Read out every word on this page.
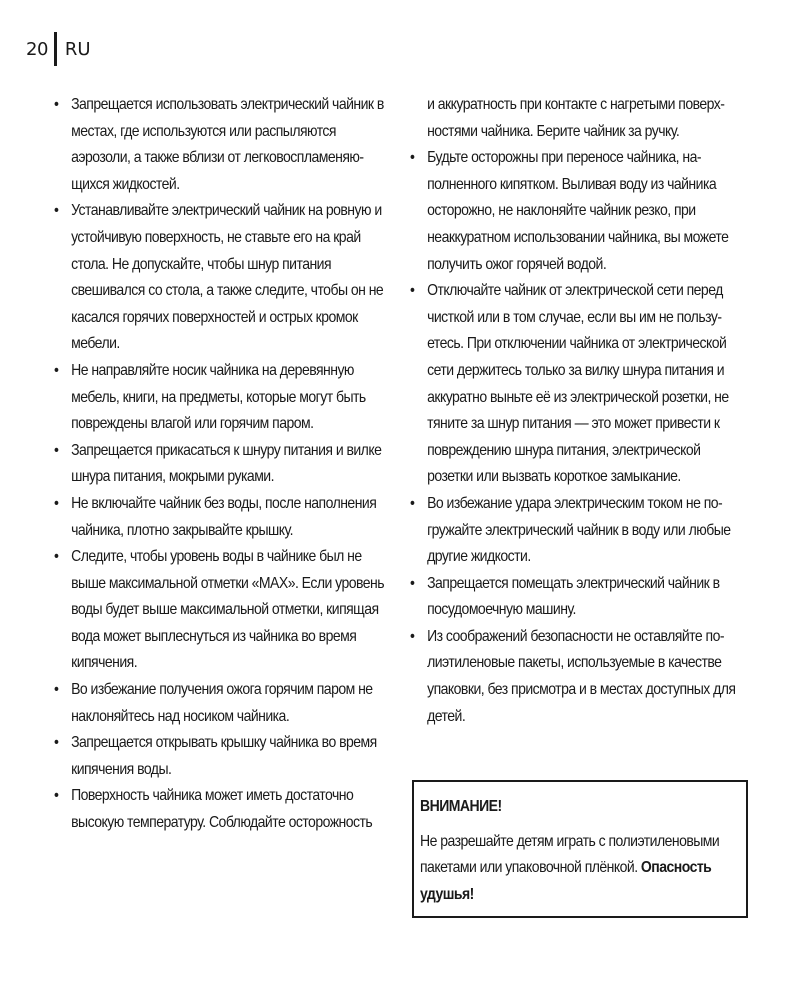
20 RU
• Запрещается использовать электрический чайник в местах, где используются или распыляются аэрозоли, а также вблизи от легковоспламеняю-щихся жидкостей.
• Устанавливайте электрический чайник на ровную и устойчивую поверхность, не ставьте его на край стола. Не допускайте, чтобы шнур питания свешивался со стола, а также следите, чтобы он не касался горячих поверхностей и острых кромок мебели.
• Не направляйте носик чайника на деревянную мебель, книги, на предметы, которые могут быть повреждены влагой или горячим паром.
• Запрещается прикасаться к шнуру питания и вилке шнура питания, мокрыми руками.
• Не включайте чайник без воды, после наполнения чайника, плотно закрывайте крышку.
• Следите, чтобы уровень воды в чайнике был не выше максимальной отметки «MAX». Если уровень воды будет выше максимальной отметки, кипящая вода может выплеснуться из чайника во время кипячения.
• Во избежание получения ожога горячим паром не наклоняйтесь над носиком чайника.
• Запрещается открывать крышку чайника во время кипячения воды.
• Поверхность чайника может иметь достаточно высокую температуру. Соблюдайте осторожность

и аккуратность при контакте с нагретыми поверх-ностями чайника. Берите чайник за ручку.

• Будьте осторожны при переносе чайника, на-полненного кипятком. Выливая воду из чайника осторожно, не наклоняйте чайник резко, при неаккуратном использовании чайника, вы можете получить ожог горячей водой.
• Отключайте чайник от электрической сети перед чисткой или в том случае, если вы им не пользу-етесь. При отключении чайника от электрической сети держитесь только за вилку шнура питания и аккуратно выньте её из электрической розетки, не тяните за шнур питания — это может привести к повреждению шнура питания, электрической розетки или вызвать короткое замыкание.
• Во избежание удара электрическим током не по-гружайте электрический чайник в воду или любые другие жидкости.
• Запрещается помещать электрический чайник в посудомоечную машину.
• Из соображений безопасности не оставляйте по-лиэтиленовые пакеты, используемые в качестве упаковки, без присмотра и в местах доступных для детей.
ВНИМАНИЕ!
Не разрешайте детям играть с полиэтиленовыми пакетами или упаковочной плёнкой. Опасность удушья!
